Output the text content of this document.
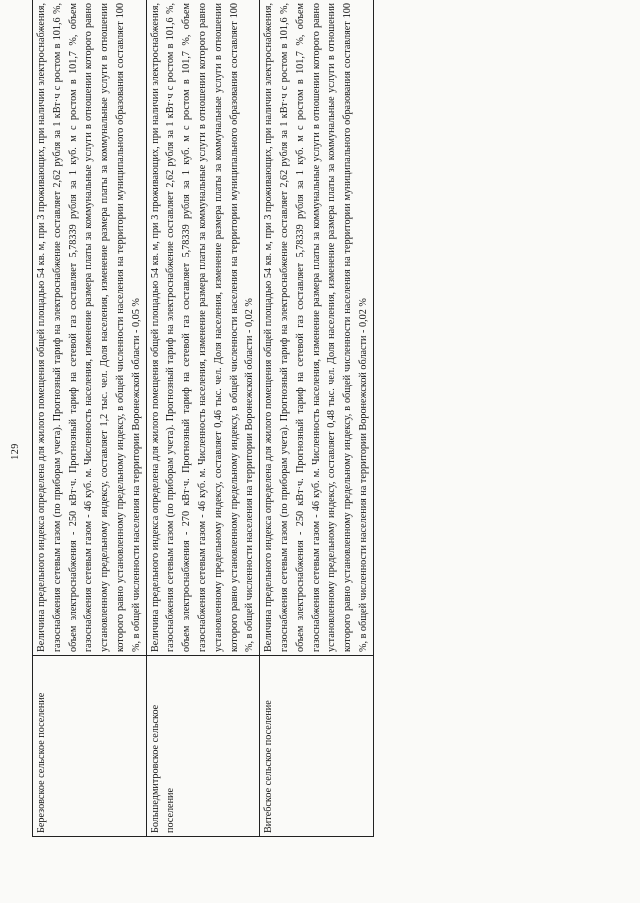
129
Березовское сельское поселение	Величина предельного индекса определена для жилого помещения общей площадью 54 кв. м, при 3 проживающих, при наличии электроснабжения, газоснабжения сетевым газом (по приборам учета). Прогнозный тариф на электроснабжение составляет 2,62 рубля за 1 кВт·ч с ростом в 101,6 %, объем электроснабжения - 250 кВт·ч. Прогнозный тариф на сетевой газ составляет 5,78339 рубля за 1 куб. м с ростом в 101,7 %, объем газоснабжения сетевым газом - 46 куб. м. Численность населения, изменение размера платы за коммунальные услуги в отношении которого равно установленному предельному индексу, составляет 1,2 тыс. чел. Доля населения, изменение размера платы за коммунальные услуги в отношении которого равно установленному предельному индексу, в общей численности населения на территории муниципального образования составляет 100 %, в общей численности населения на территории Воронежской области - 0,05 %
Большедмитровское сельское поселение	Величина предельного индекса определена для жилого помещения общей площадью 54 кв. м, при 3 проживающих, при наличии электроснабжения, газоснабжения сетевым газом (по приборам учета). Прогнозный тариф на электроснабжение составляет 2,62 рубля за 1 кВт·ч с ростом в 101,6 %, объем электроснабжения - 270 кВт·ч. Прогнозный тариф на сетевой газ составляет 5,78339 рубля за 1 куб. м с ростом в 101,7 %, объем газоснабжения сетевым газом - 46 куб. м. Численность населения, изменение размера платы за коммунальные услуги в отношении которого равно установленному предельному индексу, составляет 0,46 тыс. чел. Доля населения, изменение размера платы за коммунальные услуги в отношении которого равно установленному предельному индексу, в общей численности населения на территории муниципального образования составляет 100 %, в общей численности населения на территории Воронежской области - 0,02 %
Витебское сельское поселение	Величина предельного индекса определена для жилого помещения общей площадью 54 кв. м, при 3 проживающих, при наличии электроснабжения, газоснабжения сетевым газом (по приборам учета). Прогнозный тариф на электроснабжение составляет 2,62 рубля за 1 кВт·ч с ростом в 101,6 %, объем электроснабжения - 250 кВт·ч. Прогнозный тариф на сетевой газ составляет 5,78339 рубля за 1 куб. м с ростом в 101,7 %, объем газоснабжения сетевым газом - 46 куб. м. Численность населения, изменение размера платы за коммунальные услуги в отношении которого равно установленному предельному индексу, составляет 0,48 тыс. чел. Доля населения, изменение размера платы за коммунальные услуги в отношении которого равно установленному предельному индексу, в общей численности населения на территории муниципального образования составляет 100 %, в общей численности населения на территории Воронежской области - 0,02 %
